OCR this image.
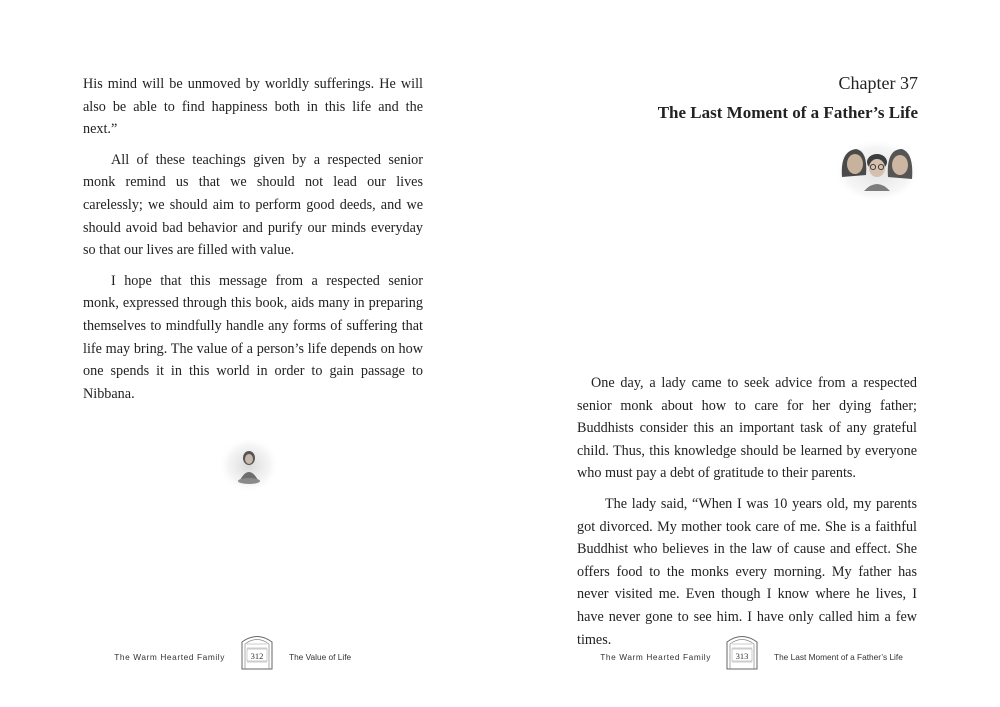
His mind will be unmoved by worldly sufferings. He will also be able to find happiness both in this life and the next.”

All of these teachings given by a respected senior monk remind us that we should not lead our lives carelessly; we should aim to perform good deeds, and we should avoid bad behavior and purify our minds everyday so that our lives are filled with value.

I hope that this message from a respected senior monk, expressed through this book, aids many in preparing themselves to mindfully handle any forms of suffering that life may bring. The value of a person’s life depends on how one spends it in this world in order to gain passage to Nibbana.

The Warm Hearted Family	312	The Value of Life
Chapter 37
The Last Moment of a Father’s Life
The Warm Hearted Family	313	The Last Moment of a Father’s Life

One day, a lady came to seek advice from a respected senior monk about how to care for her dying father; Buddhists consider this an important task of any grateful child. Thus, this knowledge should be learned by everyone who must pay a debt of gratitude to their parents.

The lady said, “When I was 10 years old, my parents got divorced. My mother took care of me. She is a faithful Buddhist who believes in the law of cause and effect. She offers food to the monks every morning. My father has never visited me. Even though I know where he lives, I have never gone to see him. I have only called him a few times.
